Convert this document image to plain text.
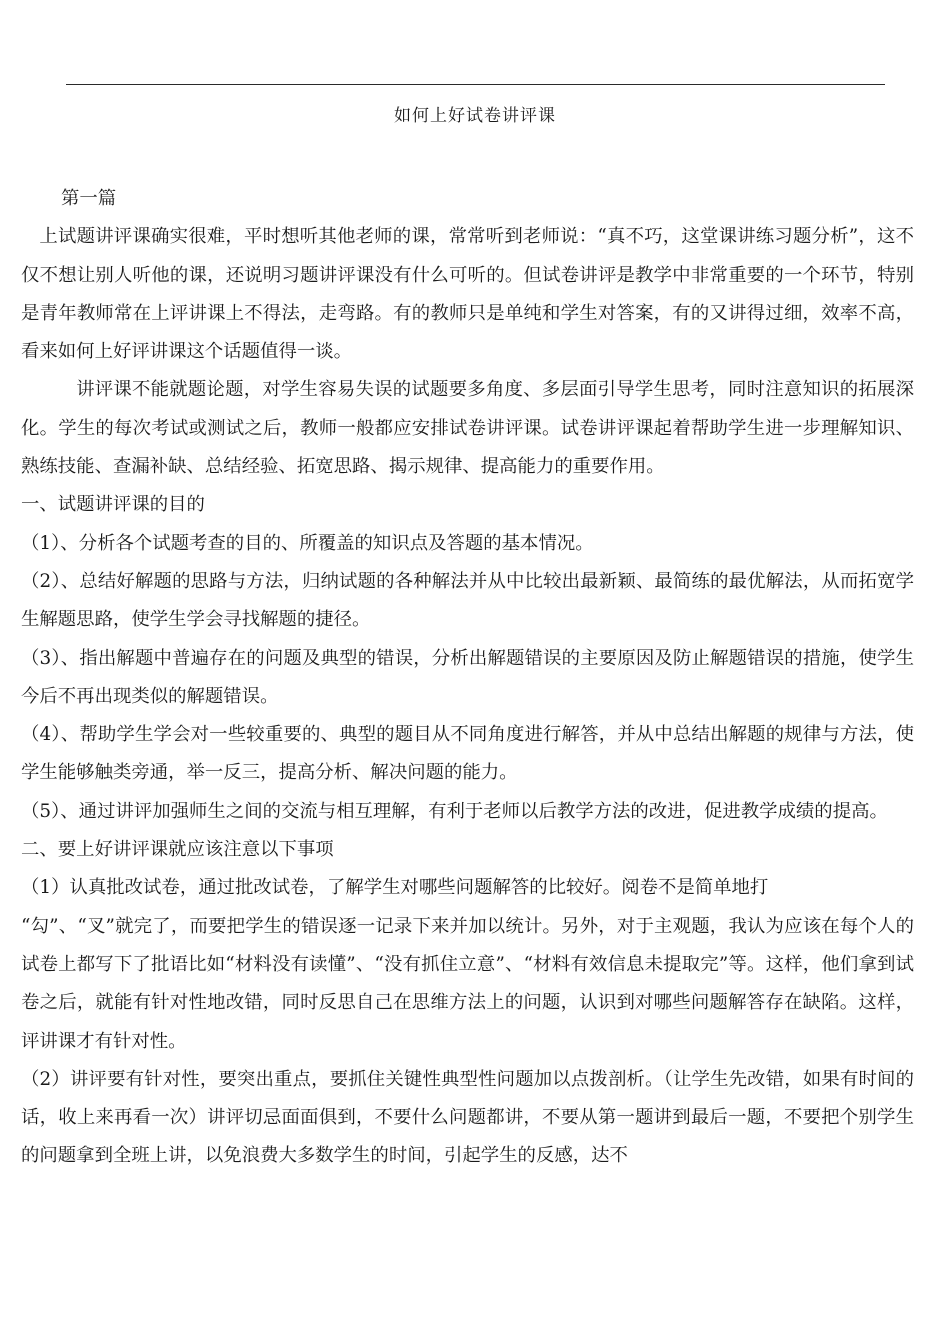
如何上好试卷讲评课

第一篇

上试题讲评课确实很难，平时想听其他老师的课，常常听到老师说：“真不巧，这堂课讲练习题分析”，这不仅不想让别人听他的课，还说明习题讲评课没有什么可听的。但试卷讲评是教学中非常重要的一个环节，特别是青年教师常在上评讲课上不得法，走弯路。有的教师只是单纯和学生对答案，有的又讲得过细，效率不高，看来如何上好评讲课这个话题值得一谈。

讲评课不能就题论题，对学生容易失误的试题要多角度、多层面引导学生思考，同时注意知识的拓展深化。学生的每次考试或测试之后，教师一般都应安排试卷讲评课。试卷讲评课起着帮助学生进一步理解知识、熟练技能、查漏补缺、总结经验、拓宽思路、揭示规律、提高能力的重要作用。

一、试题讲评课的目的

（1）、分析各个试题考查的目的、所覆盖的知识点及答题的基本情况。

（2）、总结好解题的思路与方法，归纳试题的各种解法并从中比较出最新颖、最简练的最优解法，从而拓宽学生解题思路，使学生学会寻找解题的捷径。

（3）、指出解题中普遍存在的问题及典型的错误，分析出解题错误的主要原因及防止解题错误的措施，使学生今后不再出现类似的解题错误。

（4）、帮助学生学会对一些较重要的、典型的题目从不同角度进行解答，并从中总结出解题的规律与方法，使学生能够触类旁通，举一反三，提高分析、解决问题的能力。

（5）、通过讲评加强师生之间的交流与相互理解，有利于老师以后教学方法的改进，促进教学成绩的提高。

二、要上好讲评课就应该注意以下事项

（1）认真批改试卷，通过批改试卷，了解学生对哪些问题解答的比较好。阅卷不是简单地打

“勾”、“叉”就完了，而要把学生的错误逐一记录下来并加以统计。另外，对于主观题，我认为应该在每个人的试卷上都写下了批语比如“材料没有读懂”、“没有抓住立意”、“材料有效信息未提取完”等。这样，他们拿到试卷之后，就能有针对性地改错，同时反思自己在思维方法上的问题，认识到对哪些问题解答存在缺陷。这样，评讲课才有针对性。

（2）讲评要有针对性，要突出重点，要抓住关键性典型性问题加以点拨剖析。（让学生先改错，如果有时间的话，收上来再看一次）讲评切忌面面俱到，不要什么问题都讲，不要从第一题讲到最后一题，不要把个别学生的问题拿到全班上讲，以免浪费大多数学生的时间，引起学生的反感，达不
